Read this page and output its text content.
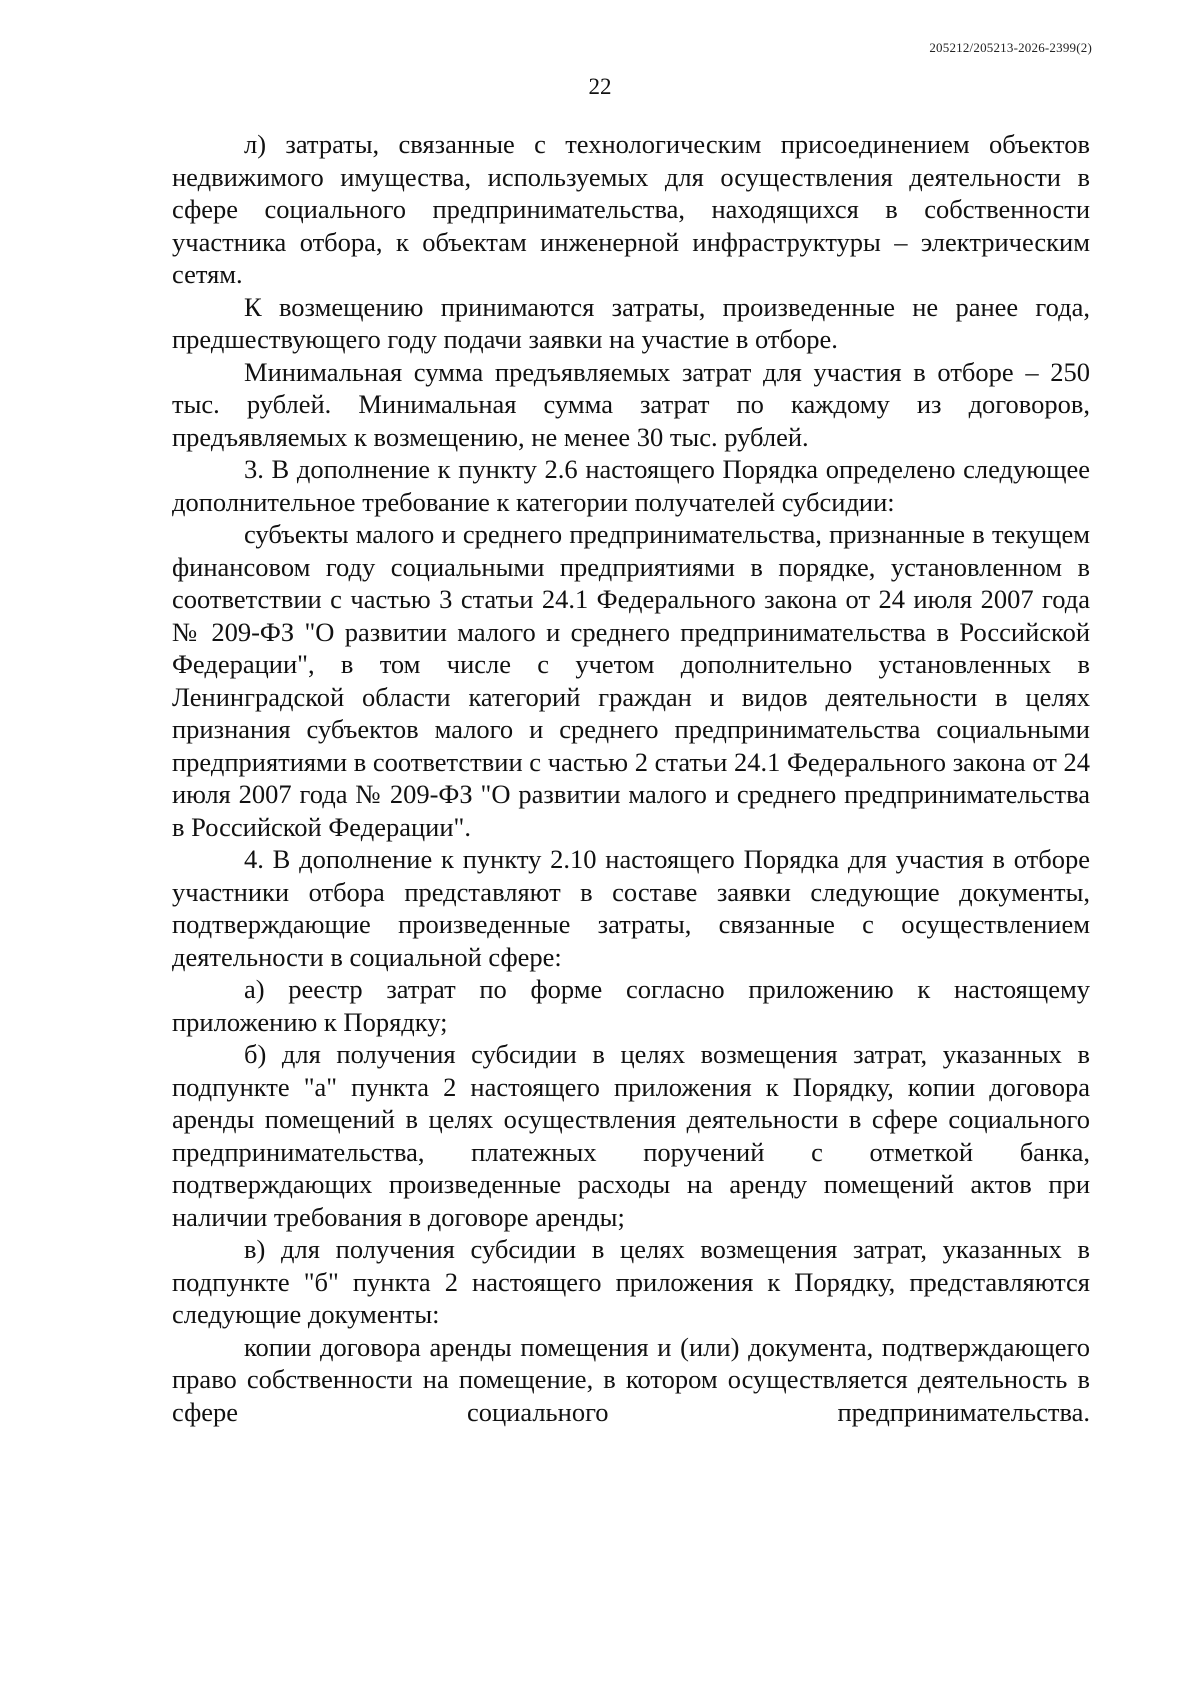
205212/205213-2026-2399(2)
22

л) затраты, связанные с технологическим присоединением объектов недвижимого имущества, используемых для осуществления деятельности в сфере социального предпринимательства, находящихся в собственности участника отбора, к объектам инженерной инфраструктуры – электрическим сетям.

К возмещению принимаются затраты, произведенные не ранее года, предшествующего году подачи заявки на участие в отборе.

Минимальная сумма предъявляемых затрат для участия в отборе – 250 тыс. рублей. Минимальная сумма затрат по каждому из договоров, предъявляемых к возмещению, не менее 30 тыс. рублей.

3. В дополнение к пункту 2.6 настоящего Порядка определено следующее дополнительное требование к категории получателей субсидии:

субъекты малого и среднего предпринимательства, признанные в текущем финансовом году социальными предприятиями в порядке, установленном в соответствии с частью 3 статьи 24.1 Федерального закона от 24 июля 2007 года № 209-ФЗ "О развитии малого и среднего предпринимательства в Российской Федерации", в том числе с учетом дополнительно установленных в Ленинградской области категорий граждан и видов деятельности в целях признания субъектов малого и среднего предпринимательства социальными предприятиями в соответствии с частью 2 статьи 24.1 Федерального закона от 24 июля 2007 года № 209-ФЗ "О развитии малого и среднего предпринимательства в Российской Федерации".

4. В дополнение к пункту 2.10 настоящего Порядка для участия в отборе участники отбора представляют в составе заявки следующие документы, подтверждающие произведенные затраты, связанные с осуществлением деятельности в социальной сфере:

а) реестр затрат по форме согласно приложению к настоящему приложению к Порядку;

б) для получения субсидии в целях возмещения затрат, указанных в подпункте "а" пункта 2 настоящего приложения к Порядку, копии договора аренды помещений в целях осуществления деятельности в сфере социального предпринимательства, платежных поручений с отметкой банка, подтверждающих произведенные расходы на аренду помещений актов при наличии требования в договоре аренды;

в) для получения субсидии в целях возмещения затрат, указанных в подпункте "б" пункта 2 настоящего приложения к Порядку, представляются следующие документы:

копии договора аренды помещения и (или) документа, подтверждающего право собственности на помещение, в котором осуществляется деятельность в сфере социального предпринимательства.
